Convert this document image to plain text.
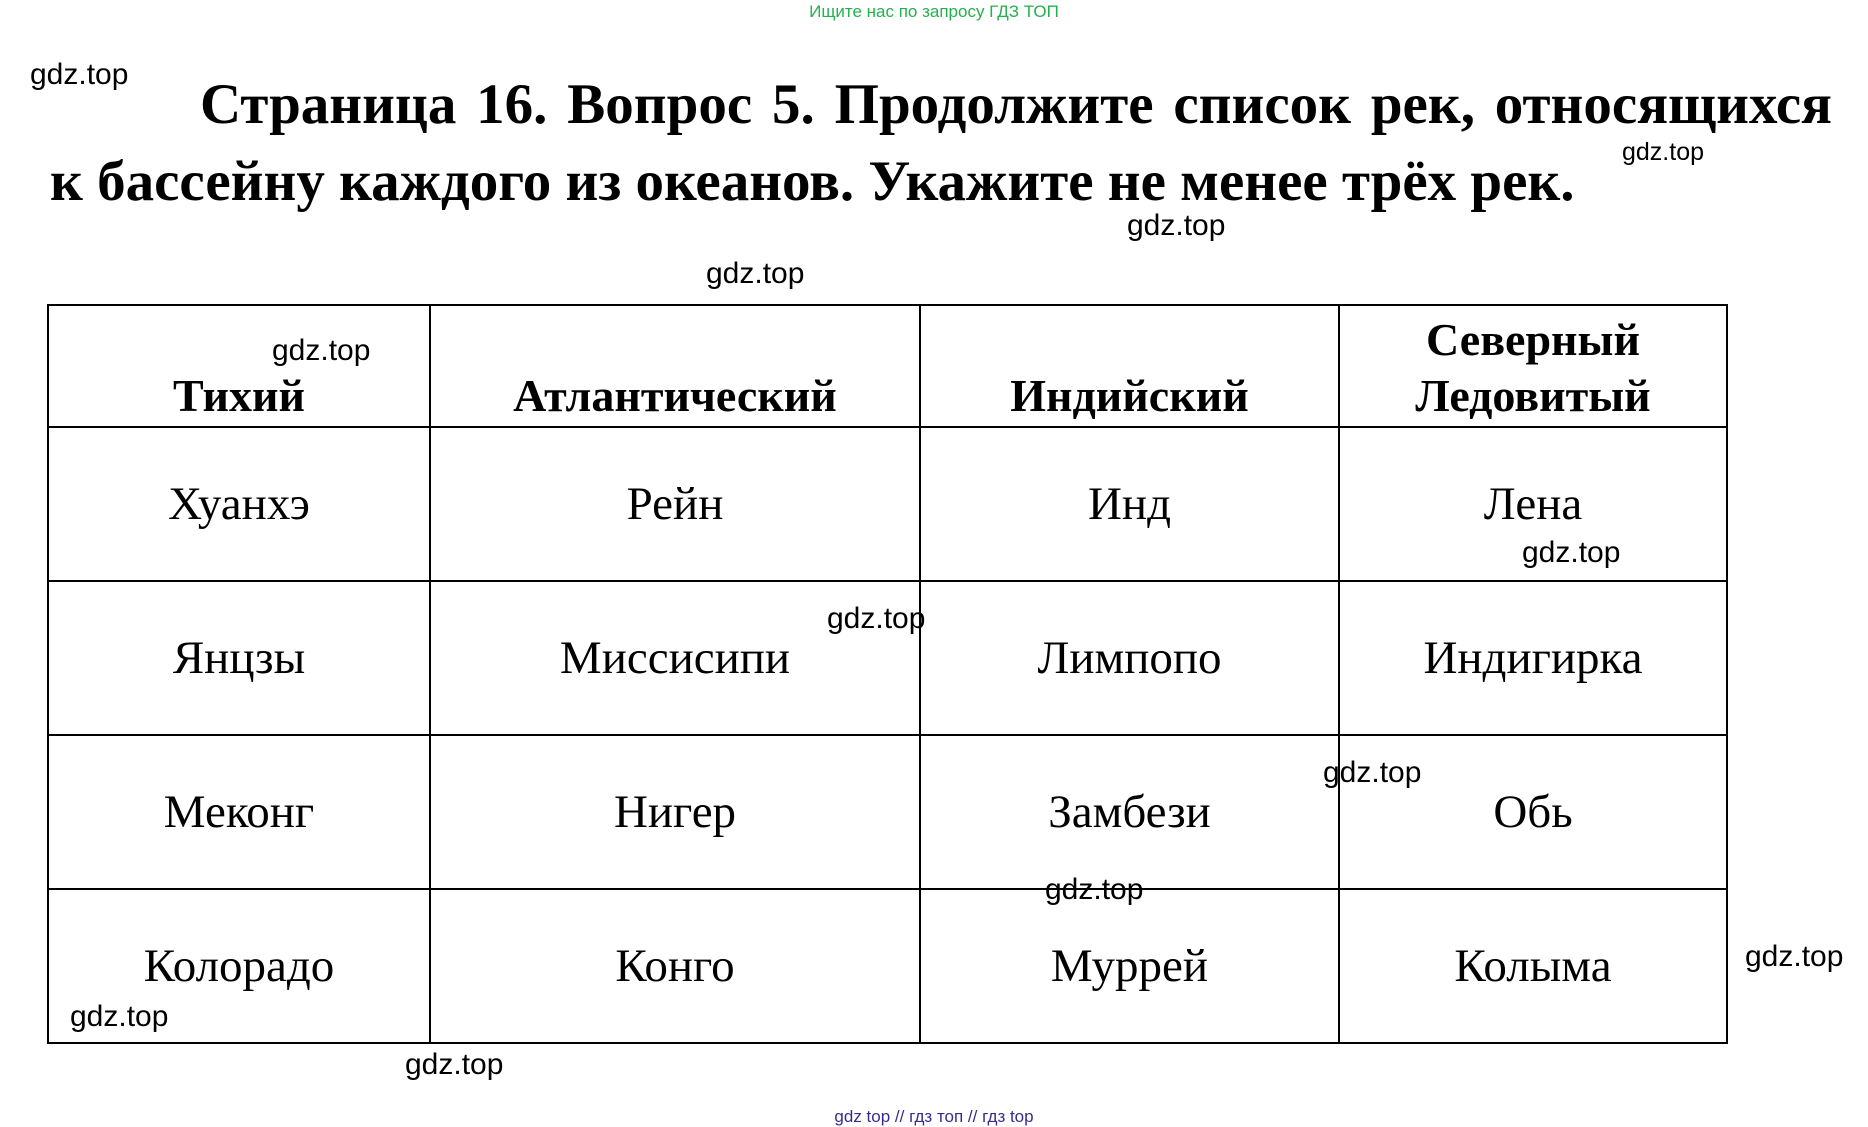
Ищите нас по запросу ГДЗ ТОП
Страница 16. Вопрос 5. Продолжите список рек, относящихся к бассейну каждого из океанов. Укажите не менее трёх рек.
Тихий	Атлантический	Индийский	Северный Ледовитый
Хуанхэ	Рейн	Инд	Лена
Янцзы	Миссисипи	Лимпопо	Индигирка
Меконг	Нигер	Замбези	Обь
Колорадо	Конго	Муррей	Колыма
gdz.top
gdz.top
gdz.top
gdz.top
gdz.top
gdz.top
gdz.top
gdz.top
gdz.top
gdz.top
gdz.top
gdz.top
gdz top // гдз топ // гдз top
